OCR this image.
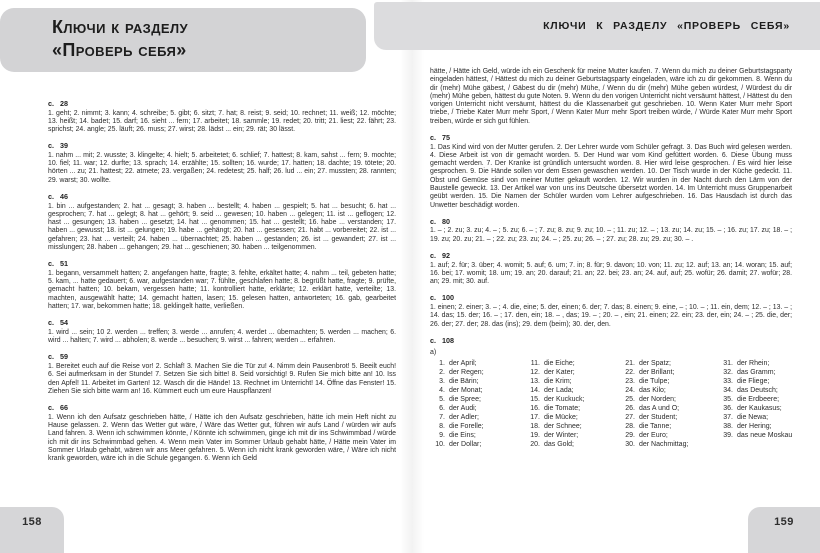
Ключи к разделу
«Проверь себя»
с. 28

1. geht; 2. nimmt; 3. kann; 4. schreibe; 5. gibt; 6. sitzt; 7. hat; 8. reist; 9. seid; 10. rechnet; 11. weiß; 12. möchte; 13. heißt; 14. badet; 15. darf; 16. sieht ... fern; 17. arbeitet; 18. sammle; 19. redet; 20. tritt; 21. liest; 22. fährt; 23. sprichst; 24. angle; 25. läuft; 26. muss; 27. wirst; 28. lädst ... ein; 29. rät; 30 lässt.

с. 39

1. nahm ... mit; 2. wusste; 3. klingelte; 4. hielt; 5. arbeitetet; 6. schlief; 7. hattest; 8. kam, sahst ... fern; 9. mochte; 10. fiel; 11. war; 12. durfte; 13. sprach; 14. erzählte; 15. sollten; 16. wurde; 17. hatten; 18. dachte; 19. tötete; 20. hörten ... zu; 21. hattest; 22. atmete; 23. vergaßen; 24. redetest; 25. half; 26. lud ... ein; 27. mussten; 28. rannten; 29. warst; 30. wollte.

с. 46

1. bin ... aufgestanden; 2. hat ... gesagt; 3. haben ... bestellt; 4. haben ... gespielt; 5. hat ... besucht; 6. hat ... gesprochen; 7. hat ... gelegt; 8. hat ... gehört; 9. seid ... gewesen; 10. haben ... gelegen; 11. ist ... geflogen; 12. hast ... gesungen; 13. haben ... gesetzt; 14. hat ... genommen; 15. hat ... gestellt; 16. habe ... verstanden; 17. haben ... gewusst; 18. ist ... gelungen; 19. habe ... gehängt; 20. hat ... gesessen; 21. habt ... vorbereitet; 22. ist ... gefahren; 23. hat ... verteilt; 24. haben ... übernachtet; 25. haben ... gestanden; 26. ist ... gewandert; 27. ist ... misslungen; 28. haben ... gehangen; 29. hat ... geschienen; 30. haben ... teilgenommen.

с. 51

1. begann, versammelt hatten; 2. angefangen hatte, fragte; 3. fehlte, erkältet hatte; 4. nahm ... teil, gebeten hatte; 5. kam, ... hatte gedauert; 6. war, aufgestanden war; 7. fühlte, geschlafen hatte; 8. begrüßt hatte, fragte; 9. prüfte, gemacht hatten; 10. bekam, vergessen hatte; 11. kontrolliert hatte, erklärte; 12. erklärt hatte, verteilte; 13. machten, ausgewählt hatte; 14. gemacht hatten, lasen; 15. gelesen hatten, antworteten; 16. gab, gearbeitet hatten; 17. war, bekommen hatte; 18. geklingelt hatte, verließen.

с. 54

1. wird ... sein; 10 2. werden ... treffen; 3. werde ... anrufen; 4. werdet ... übernachten; 5. werden ... machen; 6. wird ... halten; 7. wird ... abholen; 8. werde ... besuchen; 9. wirst ... fahren; werden ... erfahren.

с. 59

1. Bereitet euch auf die Reise vor! 2. Schlaf! 3. Machen Sie die Tür zu! 4. Nimm dein Pausenbrot! 5. Beeilt euch! 6. Sei aufmerksam in der Stunde! 7. Setzen Sie sich bitte! 8. Seid vorsichtig! 9. Rufen Sie mich bitte an! 10. Iss den Apfel! 11. Arbeitet im Garten! 12. Wasch dir die Hände! 13. Rechnet im Unterricht! 14. Öffne das Fenster! 15. Ziehen Sie sich bitte warm an! 16. Kümmert euch um eure Hauspflanzen!

с. 66

1. Wenn ich den Aufsatz geschrieben hätte, / Hätte ich den Aufsatz geschrieben, hätte ich mein Heft nicht zu Hause gelassen. 2. Wenn das Wetter gut wäre, / Wäre das Wetter gut, führen wir aufs Land / würden wir aufs Land fahren. 3. Wenn ich schwimmen könnte, / Könnte ich schwimmen, ginge ich mit dir ins Schwimmbad / würde ich mit dir ins Schwimmbad gehen. 4. Wenn mein Vater im Sommer Urlaub gehabt hätte, / Hätte mein Vater im Sommer Urlaub gehabt, wären wir ans Meer gefahren. 5. Wenn ich nicht krank geworden wäre, / Wäre ich nicht krank geworden, wäre ich in die Schule gegangen. 6. Wenn ich Geld

158
КЛЮЧИ К РАЗДЕЛУ «ПРОВЕРЬ СЕБЯ»

hätte, / Hätte ich Geld, würde ich ein Geschenk für meine Mutter kaufen. 7. Wenn du mich zu deiner Geburtstagsparty eingeladen hättest, / Hättest du mich zu deiner Geburtstagsparty eingeladen, wäre ich zu dir gekommen. 8. Wenn du dir (mehr) Mühe gäbest, / Gäbest du dir (mehr) Mühe, / Wenn du dir (mehr) Mühe geben würdest, / Würdest du dir (mehr) Mühe geben, hättest du gute Noten. 9. Wenn du den vorigen Unterricht nicht versäumt hättest, / Hättest du den vorigen Unterricht nicht versäumt, hättest du die Klassenarbeit gut geschrieben. 10. Wenn Kater Murr mehr Sport triebe, / Triebe Kater Murr mehr Sport, / Wenn Kater Murr mehr Sport treiben würde, / Würde Kater Murr mehr Sport treiben, würde er sich gut fühlen.

с. 75

1. Das Kind wird von der Mutter gerufen. 2. Der Lehrer wurde vom Schüler gefragt. 3. Das Buch wird gelesen werden. 4. Diese Arbeit ist von dir gemacht worden. 5. Der Hund war vom Kind gefüttert worden. 6. Diese Übung muss gemacht werden. 7. Der Kranke ist gründlich untersucht worden. 8. Hier wird leise gesprochen. / Es wird hier leise gesprochen. 9. Die Hände sollen vor dem Essen gewaschen werden. 10. Der Tisch wurde in der Küche gedeckt. 11. Obst und Gemüse sind von meiner Mutter gekauft worden. 12. Wir wurden in der Nacht durch den Lärm von der Baustelle geweckt. 13. Der Artikel war von uns ins Deutsche übersetzt worden. 14. Im Unterricht muss Gruppenarbeit geübt werden. 15. Die Namen der Schüler wurden vom Lehrer aufgeschrieben. 16. Das Hausdach ist durch das Unwetter beschädigt worden.

с. 80

1. – ; 2. zu; 3. zu; 4. – ; 5. zu; 6. – ; 7. zu; 8. zu; 9. zu; 10. – ; 11. zu; 12. – ; 13. zu; 14. zu; 15. – ; 16. zu; 17. zu; 18. – ; 19. zu; 20. zu; 21. – ; 22. zu; 23. zu; 24. – ; 25. zu; 26. – ; 27. zu; 28. zu; 29. zu; 30. – .

с. 92

1. auf; 2. für; 3. über; 4. womit; 5. auf; 6. um; 7. in; 8. für; 9. davon; 10. von; 11. zu; 12. auf; 13. an; 14. woran; 15. auf; 16. bei; 17. womit; 18. um; 19. an; 20. darauf; 21. an; 22. bei; 23. an; 24. auf, auf; 25. wofür; 26. damit; 27. wofür; 28. an; 29. mit; 30. auf.

с. 100

1. einen; 2. einer; 3. – ; 4. die, eine; 5. der, einen; 6. der; 7. das; 8. einen; 9. eine, – ; 10. – ; 11. ein, dem; 12. – ; 13. – ; 14. das; 15. der; 16. – ; 17. den, ein; 18. – , das; 19. – ; 20. – , ein; 21. einen; 22. ein; 23. der, ein; 24. – ; 25. die, der; 26. der; 27. der; 28. das (ins); 29. dem (beim); 30. der, den.

с. 108
а)
1. der April;
2. der Regen;
3. die Bärin;
4. der Monat;
5. die Spree;
6. der Audi;
7. der Adler;
8. die Forelle;
9. die Eins;
10. der Dollar;
11. die Eiche;
12. der Kater;
13. die Krim;
14. der Lada;
15. der Kuckuck;
16. die Tomate;
17. die Mücke;
18. der Schnee;
19. der Winter;
20. das Gold;
21. der Spatz;
22. der Brillant;
23. die Tulpe;
24. das Kilo;
25. der Norden;
26. das A und O;
27. der Student;
28. die Tanne;
29. der Euro;
30. der Nachmittag;
31. der Rhein;
32. das Gramm;
33. die Fliege;
34. das Deutsch;
35. die Erdbeere;
36. der Kaukasus;
37. die Newa;
38. der Hering;
39. das neue Moskau
159
